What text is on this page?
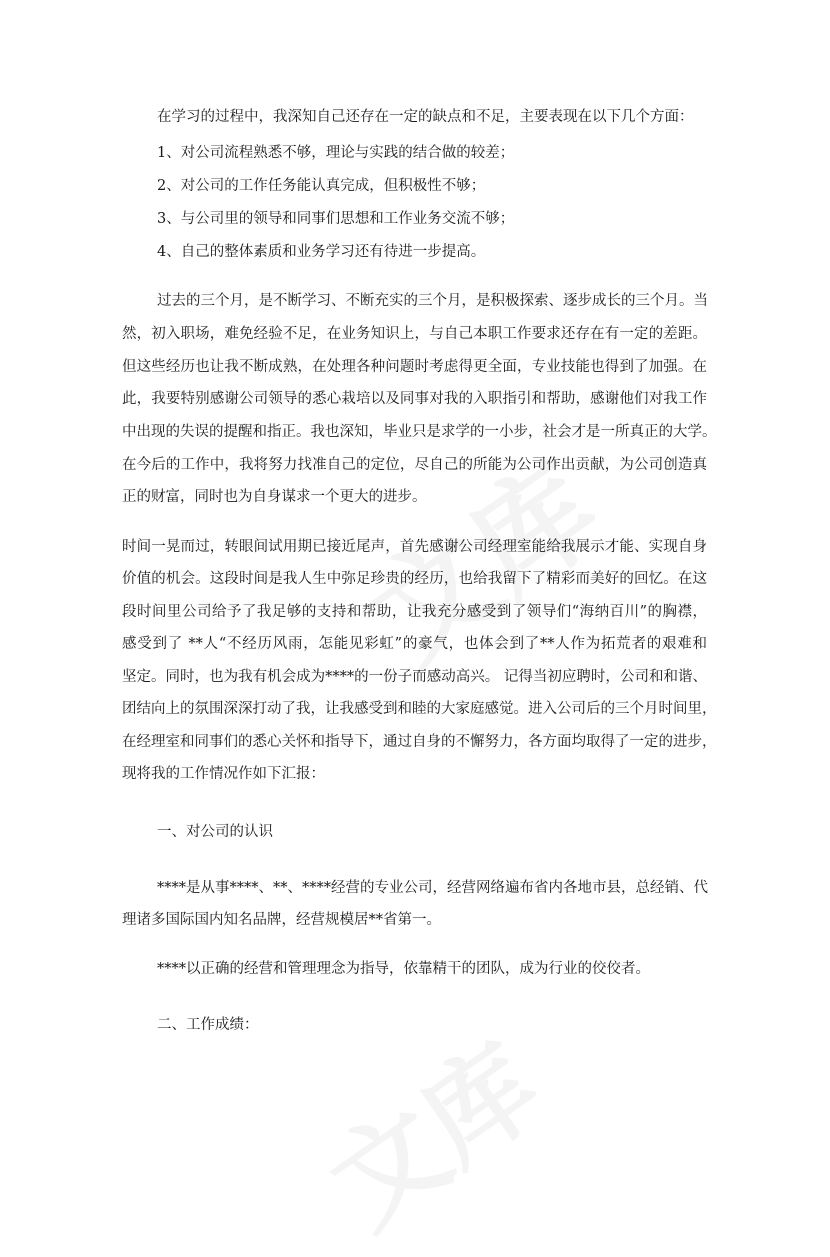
在学习的过程中，我深知自己还存在一定的缺点和不足，主要表现在以下几个方面：

1、对公司流程熟悉不够，理论与实践的结合做的较差；

2、对公司的工作任务能认真完成，但积极性不够；

3、与公司里的领导和同事们思想和工作业务交流不够；

4、自己的整体素质和业务学习还有待进一步提高。

过去的三个月，是不断学习、不断充实的三个月，是积极探索、逐步成长的三个月。当

然，初入职场，难免经验不足，在业务知识上，与自己本职工作要求还存在有一定的差距。

但这些经历也让我不断成熟，在处理各种问题时考虑得更全面，专业技能也得到了加强。在

此，我要特别感谢公司领导的悉心栽培以及同事对我的入职指引和帮助，感谢他们对我工作

中出现的失误的提醒和指正。我也深知，毕业只是求学的一小步，社会才是一所真正的大学。

在今后的工作中，我将努力找准自己的定位，尽自己的所能为公司作出贡献，为公司创造真

正的财富，同时也为自身谋求一个更大的进步。

时间一晃而过，转眼间试用期已接近尾声，首先感谢公司经理室能给我展示才能、实现自身

价值的机会。这段时间是我人生中弥足珍贵的经历，也给我留下了精彩而美好的回忆。在这

段时间里公司给予了我足够的支持和帮助，让我充分感受到了领导们“海纳百川”的胸襟，

感受到了 **人“不经历风雨，怎能见彩虹”的豪气，也体会到了**人作为拓荒者的艰难和

坚定。同时，也为我有机会成为****的一份子而感动高兴。 记得当初应聘时，公司和和谐、

团结向上的氛围深深打动了我，让我感受到和睦的大家庭感觉。进入公司后的三个月时间里，

在经理室和同事们的悉心关怀和指导下，通过自身的不懈努力，各方面均取得了一定的进步，

现将我的工作情况作如下汇报：

一、对公司的认识

****是从事****、**、****经营的专业公司，经营网络遍布省内各地市县，总经销、代

理诸多国际国内知名品牌，经营规模居**省第一。

****以正确的经营和管理理念为指导，依靠精干的团队，成为行业的佼佼者。

二、工作成绩：
